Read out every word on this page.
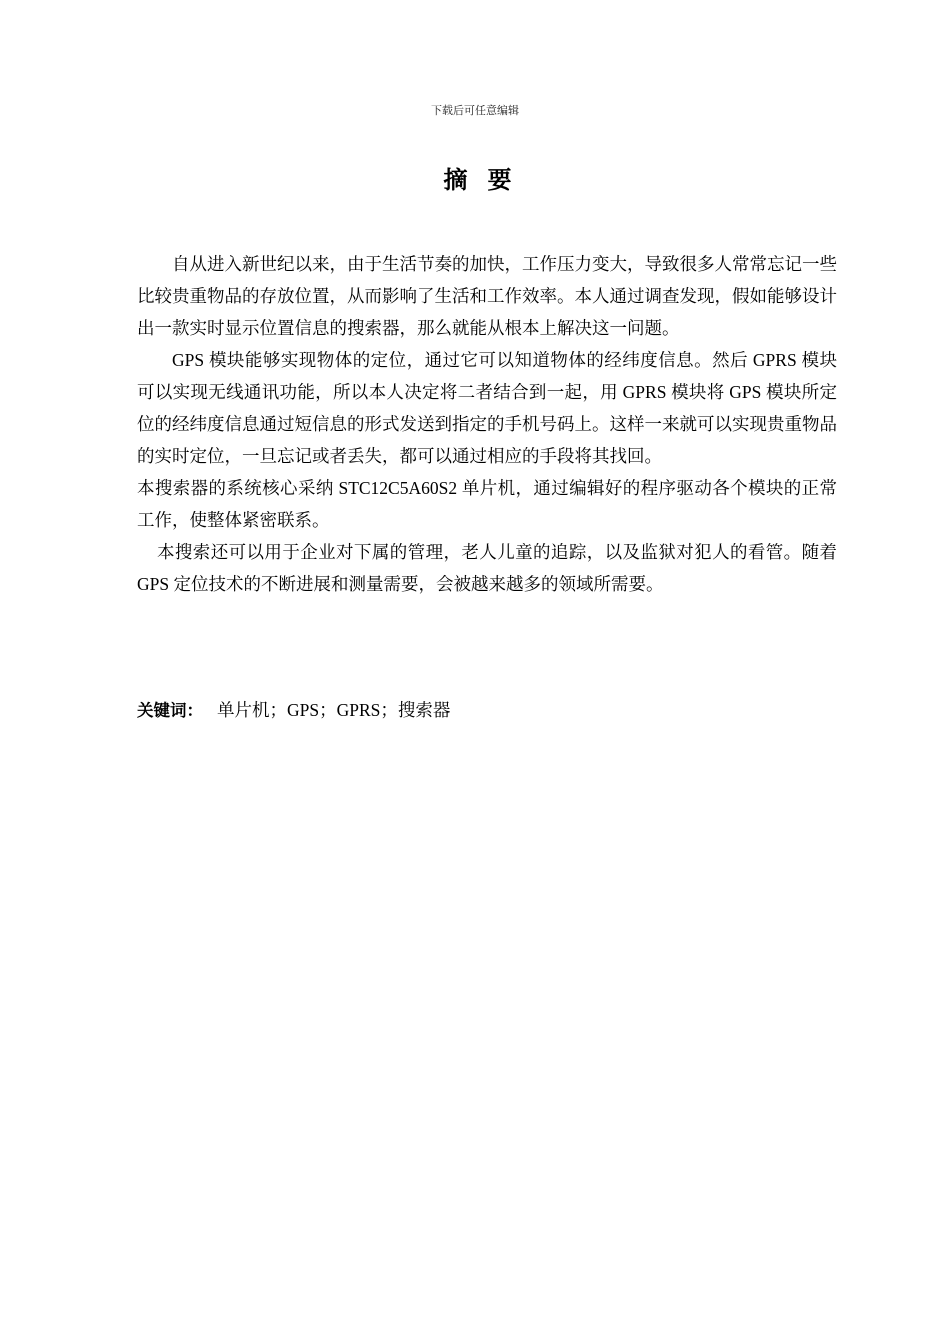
下载后可任意编辑
摘要

自从进入新世纪以来，由于生活节奏的加快，工作压力变大，导致很多人常常忘记一些比较贵重物品的存放位置，从而影响了生活和工作效率。本人通过调查发现，假如能够设计出一款实时显示位置信息的搜索器，那么就能从根本上解决这一问题。

GPS 模块能够实现物体的定位，通过它可以知道物体的经纬度信息。然后 GPRS 模块可以实现无线通讯功能，所以本人决定将二者结合到一起，用 GPRS 模块将 GPS 模块所定位的经纬度信息通过短信息的形式发送到指定的手机号码上。这样一来就可以实现贵重物品的实时定位，一旦忘记或者丢失，都可以通过相应的手段将其找回。

本搜索器的系统核心采纳 STC12C5A60S2 单片机，通过编辑好的程序驱动各个模块的正常工作，使整体紧密联系。

本搜索还可以用于企业对下属的管理，老人儿童的追踪，以及监狱对犯人的看管。随着 GPS 定位技术的不断进展和测量需要，会被越来越多的领域所需要。

关键词： 单片机；GPS；GPRS；搜索器
